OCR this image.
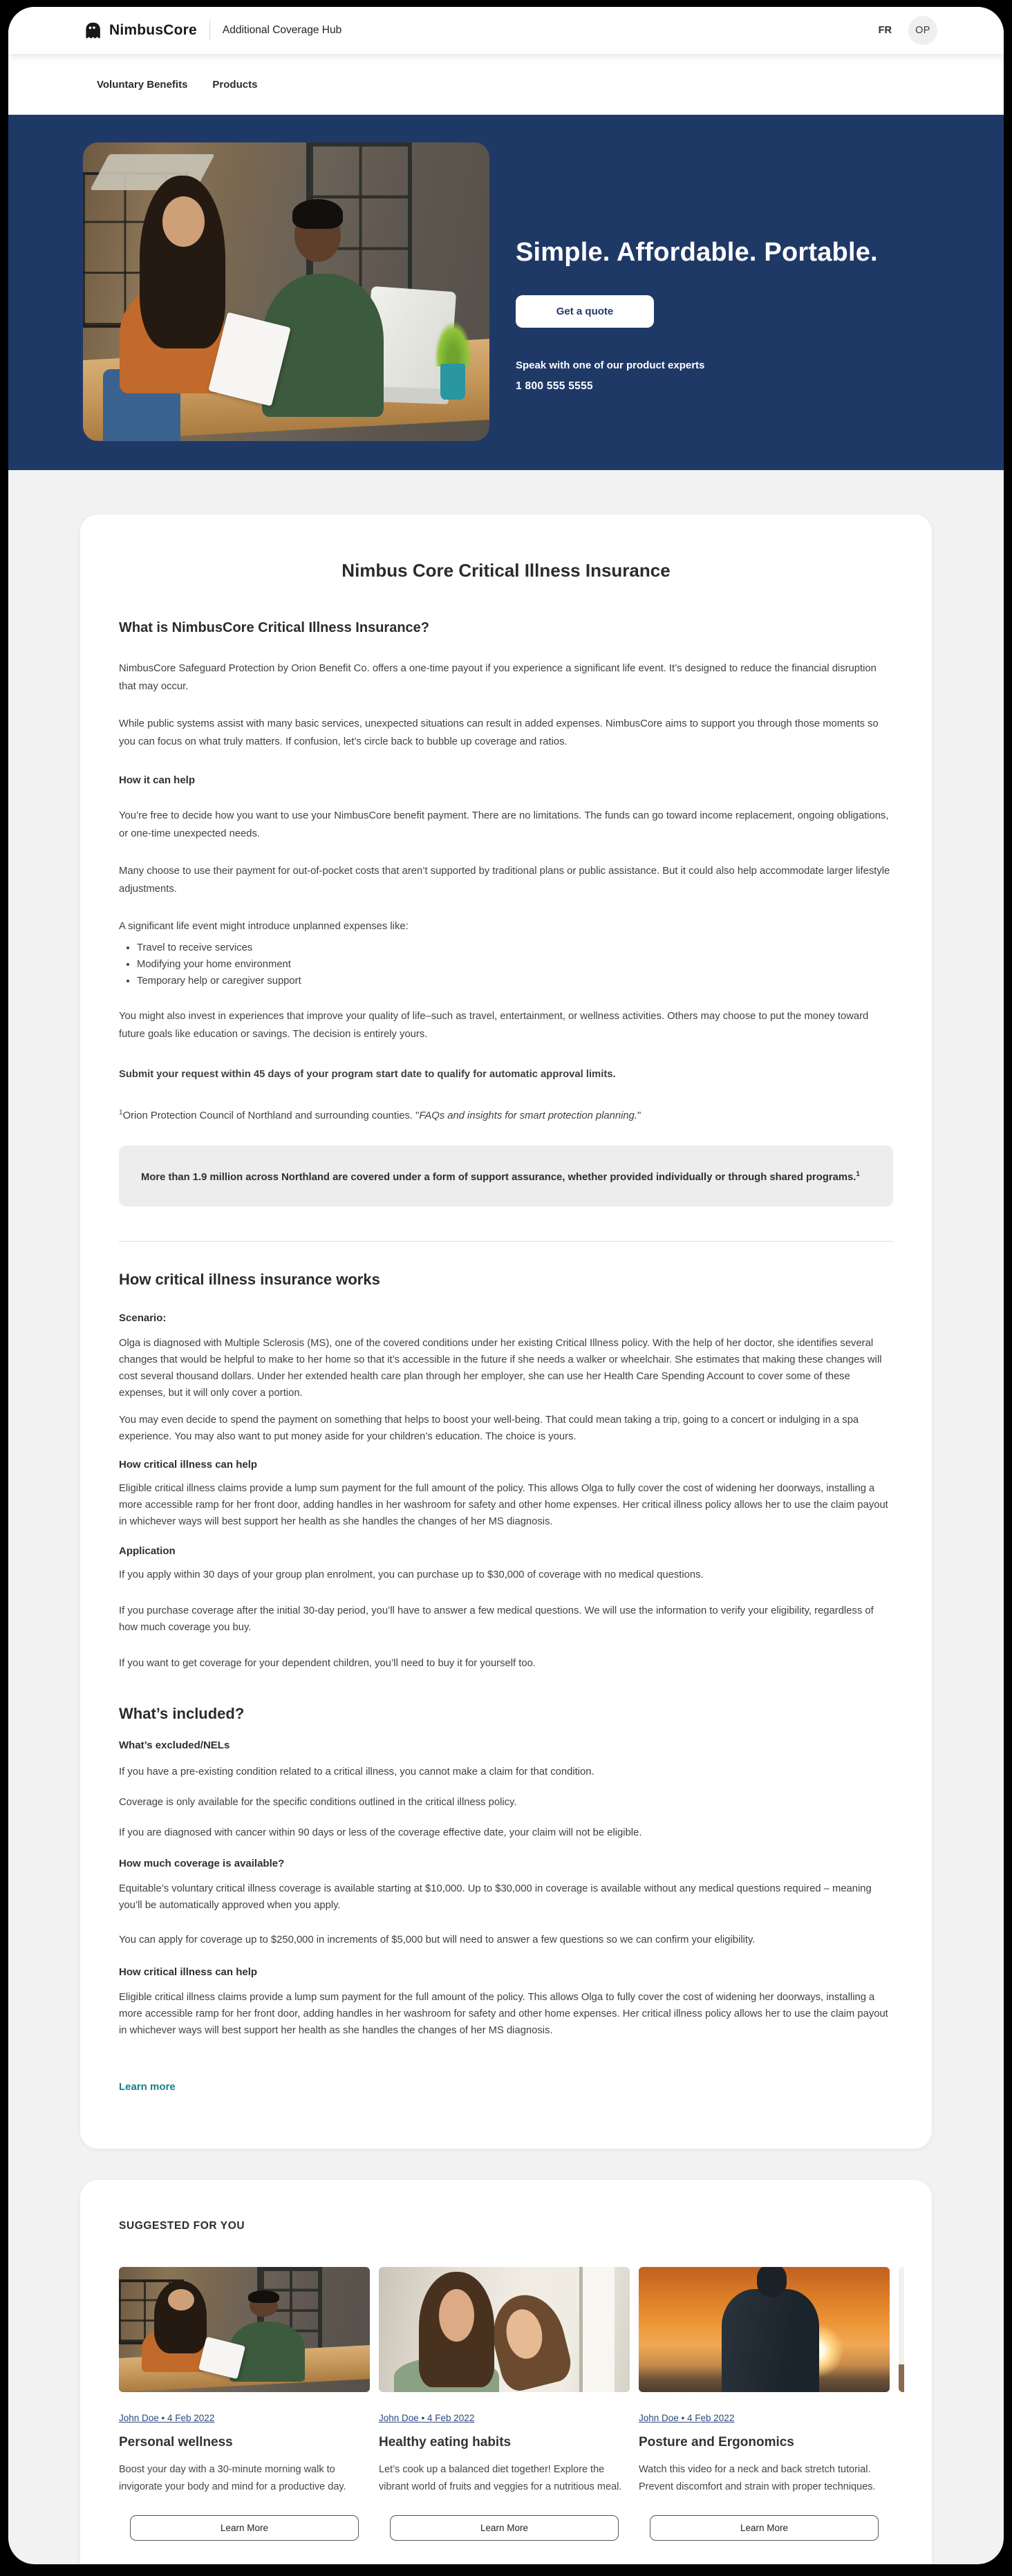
NimbusCore Additional Coverage Hub	FR	OP
Voluntary Benefits Products
Simple. Affordable. Portable.
Get a quote
Speak with one of our product experts
1 800 555 5555
Nimbus Core Critical Illness Insurance
What is NimbusCore Critical Illness Insurance?

NimbusCore Safeguard Protection by Orion Benefit Co. offers a one-time payout if you experience a significant life event. It’s designed to reduce the financial disruption that may occur.

While public systems assist with many basic services, unexpected situations can result in added expenses. NimbusCore aims to support you through those moments so you can focus on what truly matters. If confusion, let’s circle back to bubble up coverage and ratios.

How it can help

You’re free to decide how you want to use your NimbusCore benefit payment. There are no limitations. The funds can go toward income replacement, ongoing obligations, or one-time unexpected needs.

Many choose to use their payment for out-of-pocket costs that aren’t supported by traditional plans or public assistance. But it could also help accommodate larger lifestyle adjustments.

A significant life event might introduce unplanned expenses like:

• Travel to receive services
• Modifying your home environment
• Temporary help or caregiver support

You might also invest in experiences that improve your quality of life–such as travel, entertainment, or wellness activities. Others may choose to put the money toward future goals like education or savings. The decision is entirely yours.

Submit your request within 45 days of your program start date to qualify for automatic approval limits.

$^1$Orion Protection Council of Northland and surrounding counties. "FAQs and insights for smart protection planning."

More than 1.9 million across Northland are covered under a form of support assurance, whether provided individually or through shared programs.$^1$
How critical illness insurance works
Scenario:

Olga is diagnosed with Multiple Sclerosis (MS), one of the covered conditions under her existing Critical Illness policy. With the help of her doctor, she identifies several changes that would be helpful to make to her home so that it’s accessible in the future if she needs a walker or wheelchair. She estimates that making these changes will cost several thousand dollars. Under her extended health care plan through her employer, she can use her Health Care Spending Account to cover some of these expenses, but it will only cover a portion.

You may even decide to spend the payment on something that helps to boost your well-being. That could mean taking a trip, going to a concert or indulging in a spa experience. You may also want to put money aside for your children’s education. The choice is yours.

How critical illness can help

Eligible critical illness claims provide a lump sum payment for the full amount of the policy. This allows Olga to fully cover the cost of widening her doorways, installing a more accessible ramp for her front door, adding handles in her washroom for safety and other home expenses. Her critical illness policy allows her to use the claim payout in whichever ways will best support her health as she handles the changes of her MS diagnosis.

Application

If you apply within 30 days of your group plan enrolment, you can purchase up to $30,000 of coverage with no medical questions.

If you purchase coverage after the initial 30-day period, you’ll have to answer a few medical questions. We will use the information to verify your eligibility, regardless of how much coverage you buy.

If you want to get coverage for your dependent children, you’ll need to buy it for yourself too.

What’s included?
What’s excluded/NELs

If you have a pre-existing condition related to a critical illness, you cannot make a claim for that condition.

Coverage is only available for the specific conditions outlined in the critical illness policy.

If you are diagnosed with cancer within 90 days or less of the coverage effective date, your claim will not be eligible.

How much coverage is available?

Equitable’s voluntary critical illness coverage is available starting at $10,000. Up to $30,000 in coverage is available without any medical questions required – meaning you’ll be automatically approved when you apply.

You can apply for coverage up to $250,000 in increments of $5,000 but will need to answer a few questions so we can confirm your eligibility.

How critical illness can help

Eligible critical illness claims provide a lump sum payment for the full amount of the policy. This allows Olga to fully cover the cost of widening her doorways, installing a more accessible ramp for her front door, adding handles in her washroom for safety and other home expenses. Her critical illness policy allows her to use the claim payout in whichever ways will best support her health as she handles the changes of her MS diagnosis.

Learn more
SUGGESTED FOR YOU
John Doe • 4 Feb 2022
Personal wellness
Boost your day with a 30-minute morning walk to invigorate your body and mind for a productive day.
Learn More
John Doe • 4 Feb 2022
Healthy eating habits
Let’s cook up a balanced diet together! Explore the vibrant world of fruits and veggies for a nutritious meal.
Learn More
John Doe • 4 Feb 2022
Posture and Ergonomics
Watch this video for a neck and back stretch tutorial. Prevent discomfort and strain with proper techniques.
Learn More
